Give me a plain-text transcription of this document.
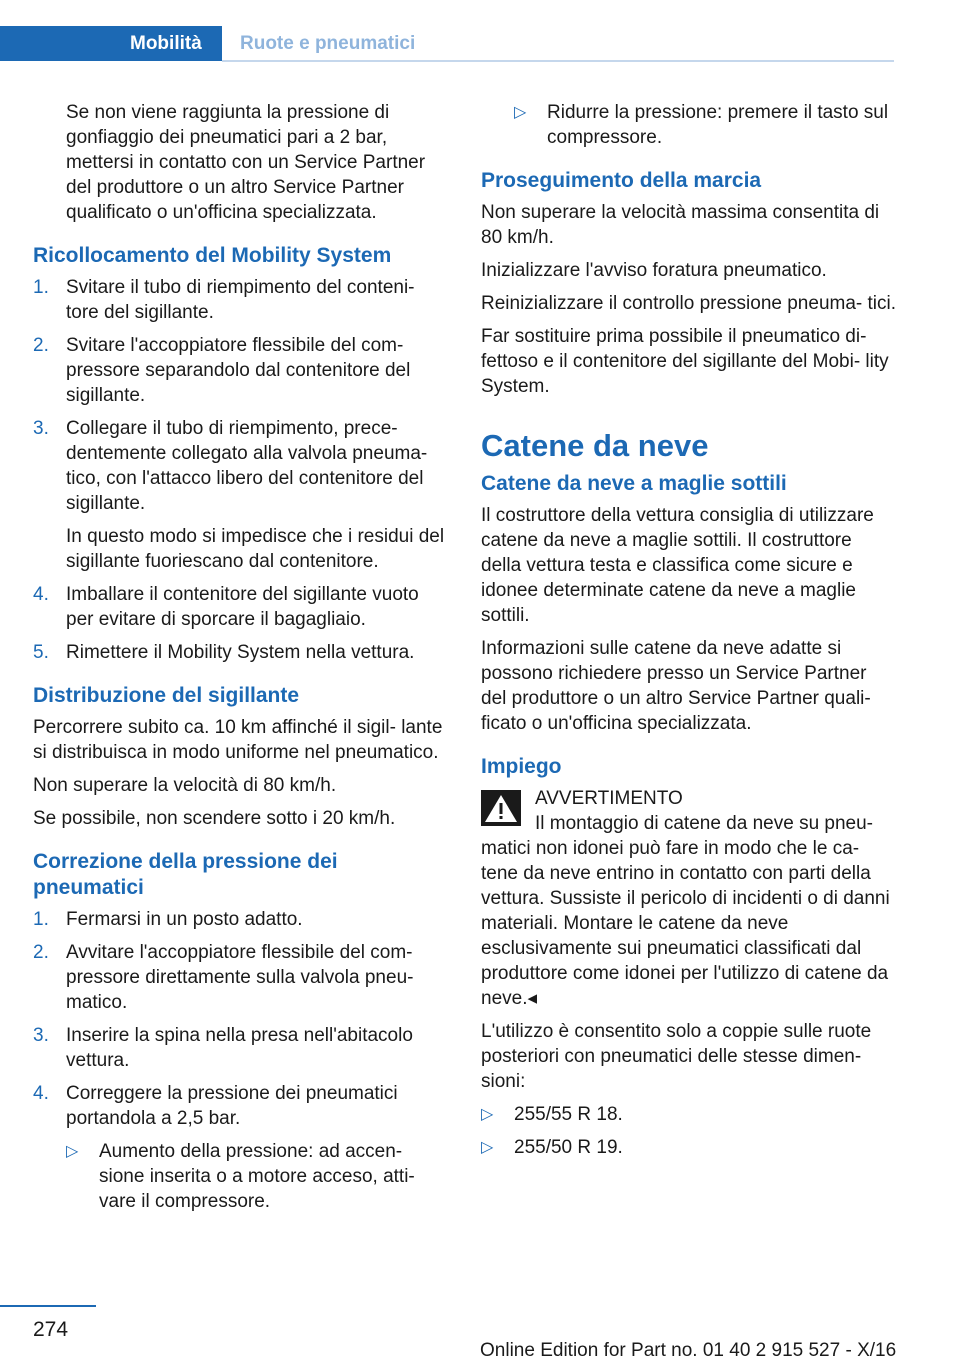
Mobilità	Ruote e pneumatici

Se non viene raggiunta la pressione di gonfiaggio dei pneumatici pari a 2 bar, mettersi in contatto con un Service Partner del produttore o un altro Service Partner qualificato o un'officina specializzata.

Ricollocamento del Mobility System
1. Svitare il tubo di riempimento del conteni- tore del sigillante.
2. Svitare l'accoppiatore flessibile del com- pressore separandolo dal contenitore del sigillante.
3. Collegare il tubo di riempimento, prece- dentemente collegato alla valvola pneuma- tico, con l'attacco libero del contenitore del sigillante.
In questo modo si impedisce che i residui del sigillante fuoriescano dal contenitore.
4. Imballare il contenitore del sigillante vuoto per evitare di sporcare il bagagliaio.
5. Rimettere il Mobility System nella vettura.
Distribuzione del sigillante

Percorrere subito ca. 10 km affinché il sigil- lante si distribuisca in modo uniforme nel pneumatico.

Non superare la velocità di 80 km/h.

Se possibile, non scendere sotto i 20 km/h.

Correzione della pressione dei pneumatici
1. Fermarsi in un posto adatto.
2. Avvitare l'accoppiatore flessibile del com- pressore direttamente sulla valvola pneu- matico.
3. Inserire la spina nella presa nell'abitacolo vettura.
4. Correggere la pressione dei pneumatici portandola a 2,5 bar.
▷ Aumento della pressione: ad accen- sione inserita o a motore acceso, atti- vare il compressore.
▷	Ridurre la pressione: premere il tasto sul compressore.
Proseguimento della marcia

Non superare la velocità massima consentita di 80 km/h.

Inizializzare l'avviso foratura pneumatico.

Reinizializzare il controllo pressione pneuma- tici.

Far sostituire prima possibile il pneumatico di- fettoso e il contenitore del sigillante del Mobi- lity System.

Catene da neve
Catene da neve a maglie sottili

Il costruttore della vettura consiglia di utilizzare catene da neve a maglie sottili. Il costruttore della vettura testa e classifica come sicure e idonee determinate catene da neve a maglie sottili.

Informazioni sulle catene da neve adatte si possono richiedere presso un Service Partner del produttore o un altro Service Partner quali- ficato o un'officina specializzata.

Impiego
AVVERTIMENTO
Il montaggio di catene da neve su pneu-

matici non idonei può fare in modo che le ca- tene da neve entrino in contatto con parti della vettura. Sussiste il pericolo di incidenti o di danni materiali. Montare le catene da neve esclusivamente sui pneumatici classificati dal produttore come idonei per l'utilizzo di catene da neve.◂

L'utilizzo è consentito solo a coppie sulle ruote posteriori con pneumatici delle stesse dimen- sioni:

▷ 255/55 R 18.
▷ 255/50 R 19.
274
Online Edition for Part no. 01 40 2 915 527 - X/16
